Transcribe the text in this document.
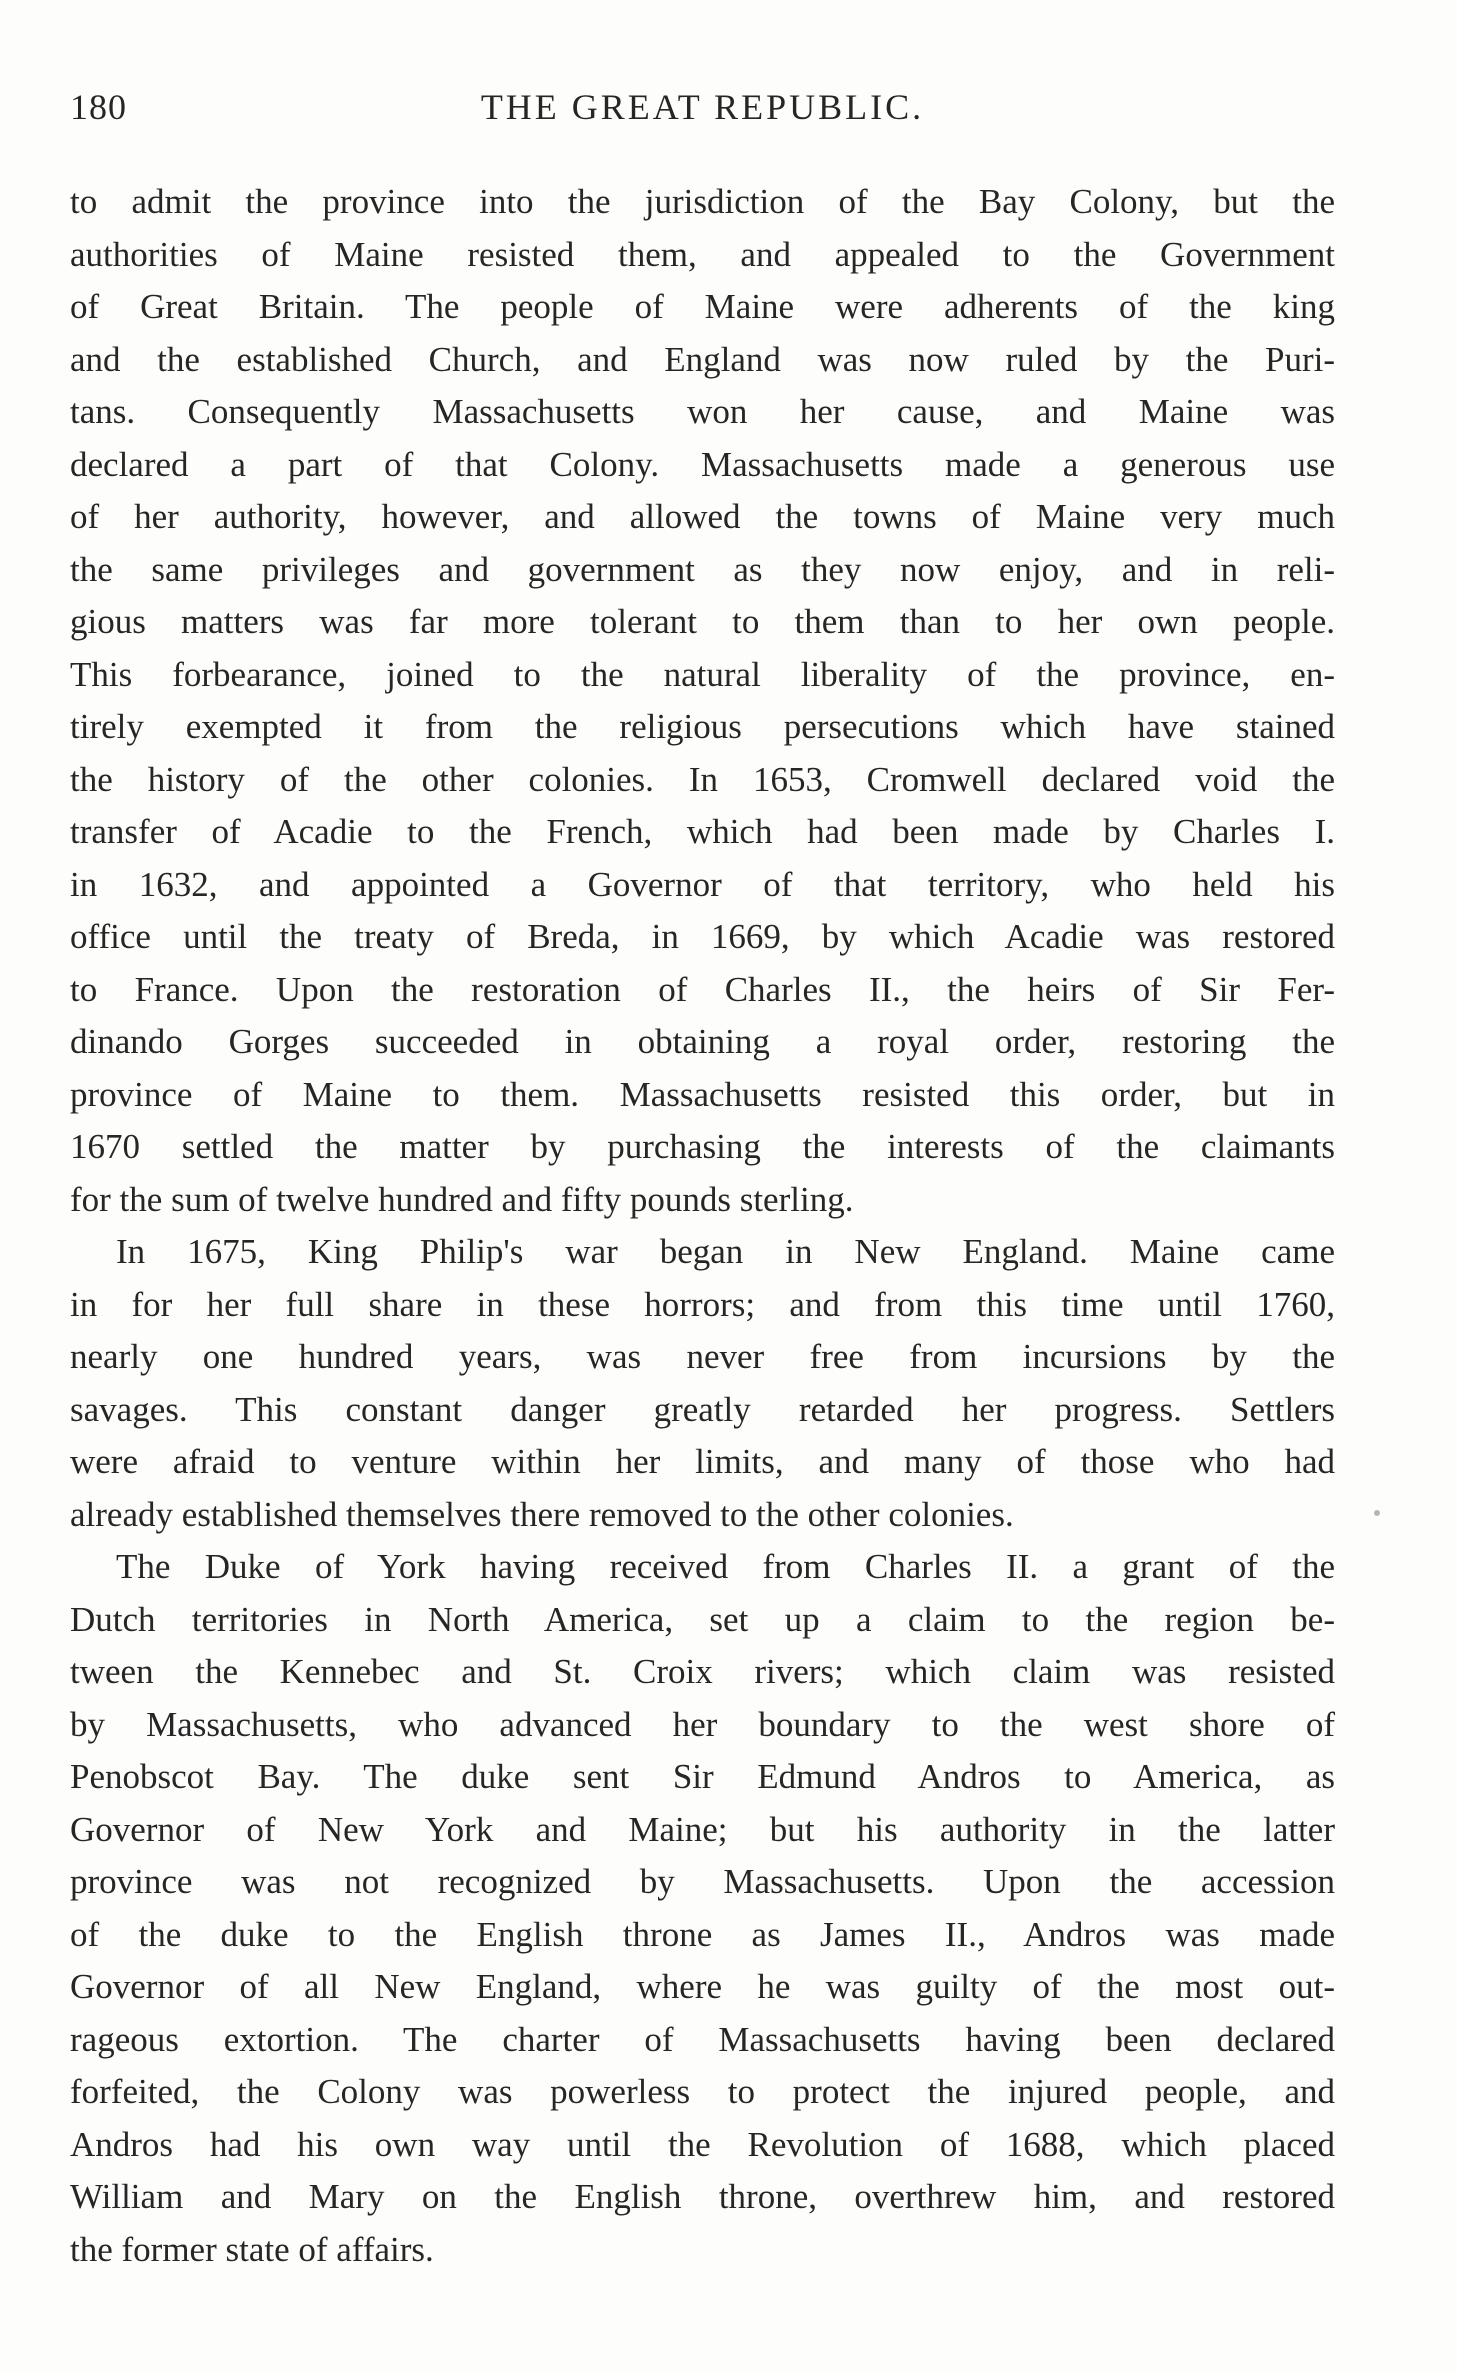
180	THE GREAT REPUBLIC.
to admit the province into the jurisdiction of the Bay Colony, but the
authorities of Maine resisted them, and appealed to the Government
of Great Britain. The people of Maine were adherents of the king
and the established Church, and England was now ruled by the Puri-
tans. Consequently Massachusetts won her cause, and Maine was
declared a part of that Colony. Massachusetts made a generous use
of her authority, however, and allowed the towns of Maine very much
the same privileges and government as they now enjoy, and in reli-
gious matters was far more tolerant to them than to her own people.
This forbearance, joined to the natural liberality of the province, en-
tirely exempted it from the religious persecutions which have stained
the history of the other colonies. In 1653, Cromwell declared void the
transfer of Acadie to the French, which had been made by Charles I.
in 1632, and appointed a Governor of that territory, who held his
office until the treaty of Breda, in 1669, by which Acadie was restored
to France. Upon the restoration of Charles II., the heirs of Sir Fer-
dinando Gorges succeeded in obtaining a royal order, restoring the
province of Maine to them. Massachusetts resisted this order, but in
1670 settled the matter by purchasing the interests of the claimants
for the sum of twelve hundred and fifty pounds sterling.
In 1675, King Philip's war began in New England. Maine came
in for her full share in these horrors; and from this time until 1760,
nearly one hundred years, was never free from incursions by the
savages. This constant danger greatly retarded her progress. Settlers
were afraid to venture within her limits, and many of those who had
already established themselves there removed to the other colonies.
The Duke of York having received from Charles II. a grant of the
Dutch territories in North America, set up a claim to the region be-
tween the Kennebec and St. Croix rivers; which claim was resisted
by Massachusetts, who advanced her boundary to the west shore of
Penobscot Bay. The duke sent Sir Edmund Andros to America, as
Governor of New York and Maine; but his authority in the latter
province was not recognized by Massachusetts. Upon the accession
of the duke to the English throne as James II., Andros was made
Governor of all New England, where he was guilty of the most out-
rageous extortion. The charter of Massachusetts having been declared
forfeited, the Colony was powerless to protect the injured people, and
Andros had his own way until the Revolution of 1688, which placed
William and Mary on the English throne, overthrew him, and restored
the former state of affairs.
